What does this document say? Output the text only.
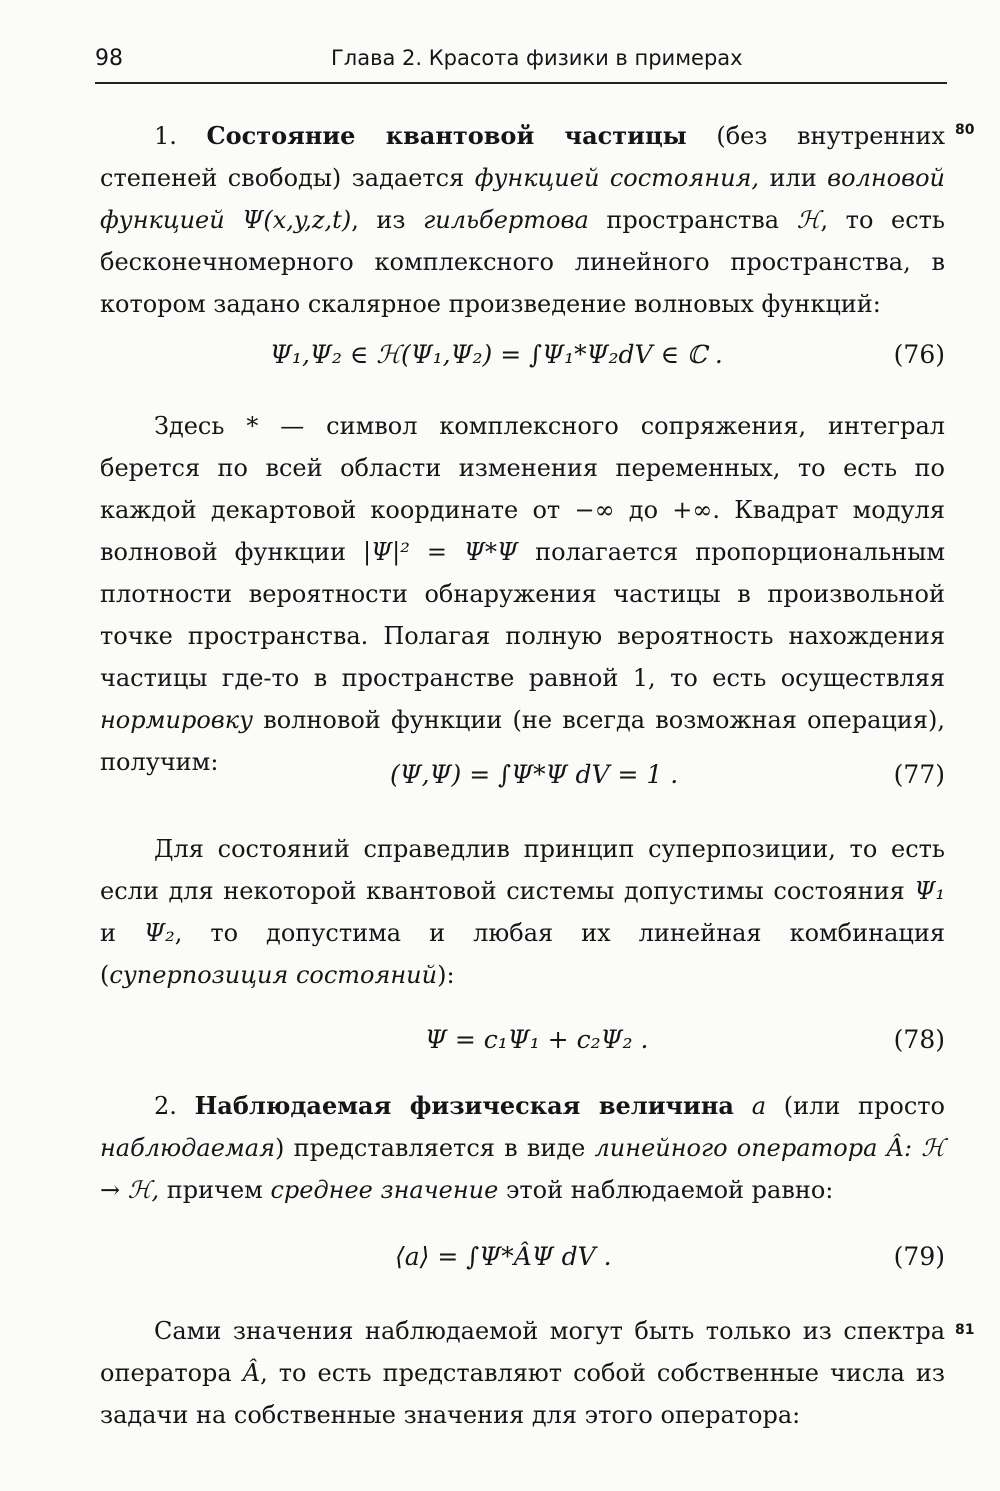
98	Глава 2. Красота физики в примерах
80
81
1. Состояние квантовой частицы (без внутренних степеней свободы) задается функцией состояния, или волновой функцией Ψ(x,y,z,t), из гильбертова пространства ℋ, то есть бесконечномерного комплексного линейного пространства, в котором задано скалярное произведение волновых функций:
Ψ₁,Ψ₂ ∈ ℋ(Ψ₁,Ψ₂) = ∫Ψ₁*Ψ₂dV ∈ ℂ .	(76)
Здесь * — символ комплексного сопряжения, интеграл берется по всей области изменения переменных, то есть по каждой декартовой координате от −∞ до +∞. Квадрат модуля волновой функции |Ψ|² = Ψ*Ψ полагается пропорциональным плотности вероятности обнаружения частицы в произвольной точке пространства. Полагая полную вероятность нахождения частицы где-то в пространстве равной 1, то есть осуществляя нормировку волновой функции (не всегда возможная операция), получим:	(Ψ,Ψ) = ∫Ψ*Ψ dV = 1 .	(77)
Для состояний справедлив принцип суперпозиции, то есть если для некоторой квантовой системы допустимы состояния Ψ₁ и Ψ₂, то допустима и любая их линейная комбинация (суперпозиция состояний):
Ψ = c₁Ψ₁ + c₂Ψ₂ .	(78)
2. Наблюдаемая физическая величина a (или просто наблюдаемая) представляется в виде линейного оператора Â: ℋ → ℋ, причем среднее значение этой наблюдаемой равно:
⟨a⟩ = ∫Ψ*ÂΨ dV .	(79)
Сами значения наблюдаемой могут быть только из спектра оператора Â, то есть представляют собой собственные числа из задачи на собственные значения для этого оператора:
